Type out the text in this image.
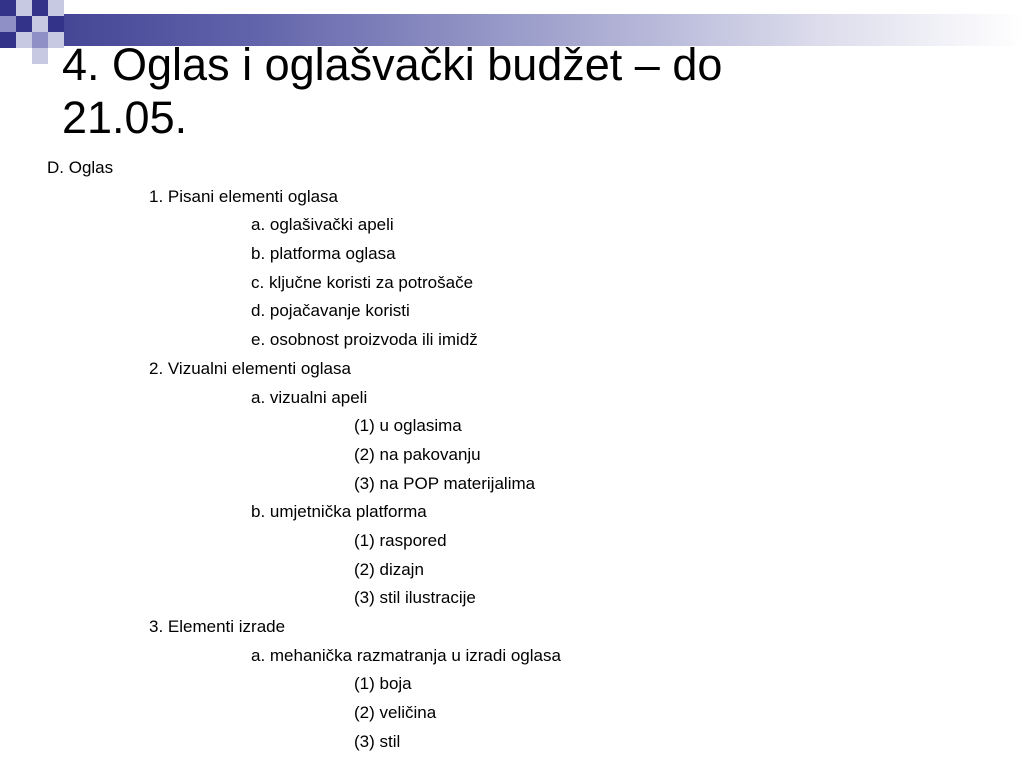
4. Oglas i oglašvački budžet – do
21.05.
D. Oglas
1. Pisani elementi oglasa
a. oglašivački apeli
b. platforma oglasa
c. ključne koristi za potrošače
d. pojačavanje koristi
e. osobnost proizvoda ili imidž
2. Vizualni elementi oglasa
a. vizualni apeli
(1) u oglasima
(2) na pakovanju
(3) na POP materijalima
b. umjetnička platforma
(1) raspored
(2) dizajn
(3) stil ilustracije
3. Elementi izrade
a. mehanička razmatranja u izradi oglasa
(1) boja
(2) veličina
(3) stil
